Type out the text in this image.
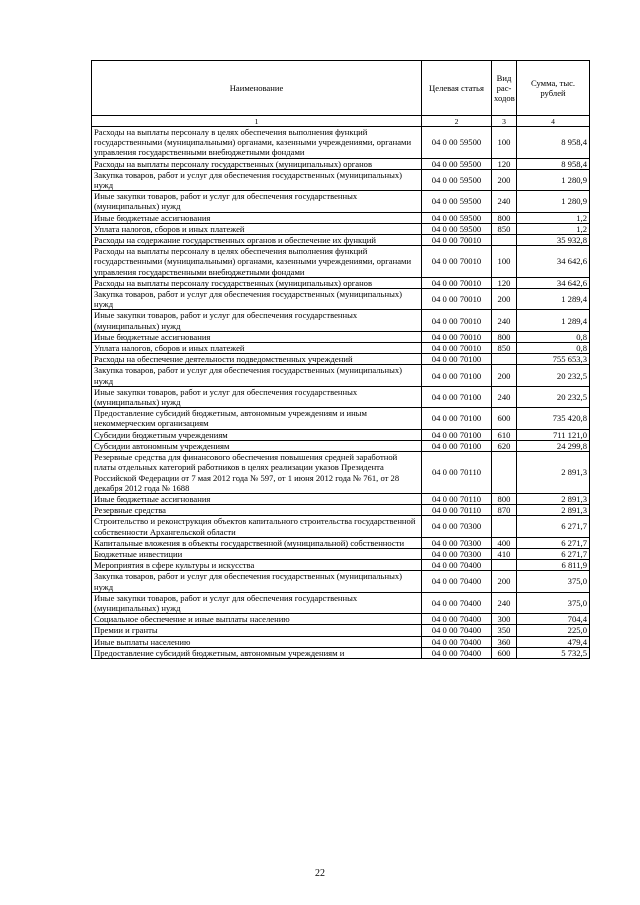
Наименование	Целевая статья	Вид рас-ходов	Сумма, тыс. рублей
1	2	3	4
Расходы на выплаты персоналу в целях обеспечения выполнения функций государственными (муниципальными) органами, казенными учреждениями, органами управления государственными внебюджетными фондами	04 0 00 59500	100	8 958,4
Расходы на выплаты персоналу государственных (муниципальных) органов	04 0 00 59500	120	8 958,4
Закупка товаров, работ и услуг для обеспечения государственных (муниципальных) нужд	04 0 00 59500	200	1 280,9
Иные закупки товаров, работ и услуг для обеспечения государственных (муниципальных) нужд	04 0 00 59500	240	1 280,9
Иные бюджетные ассигнования	04 0 00 59500	800	1,2
Уплата налогов, сборов и иных платежей	04 0 00 59500	850	1,2
Расходы на содержание государственных органов и обеспечение их функций	04 0 00 70010		35 932,8
Расходы на выплаты персоналу в целях обеспечения выполнения функций государственными (муниципальными) органами, казенными учреждениями, органами управления государственными внебюджетными фондами	04 0 00 70010	100	34 642,6
Расходы на выплаты персоналу государственных (муниципальных) органов	04 0 00 70010	120	34 642,6
Закупка товаров, работ и услуг для обеспечения государственных (муниципальных) нужд	04 0 00 70010	200	1 289,4
Иные закупки товаров, работ и услуг для обеспечения государственных (муниципальных) нужд	04 0 00 70010	240	1 289,4
Иные бюджетные ассигнования	04 0 00 70010	800	0,8
Уплата налогов, сборов и иных платежей	04 0 00 70010	850	0,8
Расходы на обеспечение деятельности подведомственных учреждений	04 0 00 70100		755 653,3
Закупка товаров, работ и услуг для обеспечения государственных (муниципальных) нужд	04 0 00 70100	200	20 232,5
Иные закупки товаров, работ и услуг для обеспечения государственных (муниципальных) нужд	04 0 00 70100	240	20 232,5
Предоставление субсидий бюджетным, автономным учреждениям и иным некоммерческим организациям	04 0 00 70100	600	735 420,8
Субсидии бюджетным учреждениям	04 0 00 70100	610	711 121,0
Субсидии автономным учреждениям	04 0 00 70100	620	24 299,8
Резервные средства для финансового обеспечения повышения средней заработной платы отдельных категорий работников в целях реализации указов Президента Российской Федерации от 7 мая 2012 года № 597, от 1 июня 2012 года № 761, от 28 декабря 2012 года № 1688	04 0 00 70110		2 891,3
Иные бюджетные ассигнования	04 0 00 70110	800	2 891,3
Резервные средства	04 0 00 70110	870	2 891,3
Строительство и реконструкция объектов капитального строительства государственной собственности Архангельской области	04 0 00 70300		6 271,7
Капитальные вложения в объекты государственной (муниципальной) собственности	04 0 00 70300	400	6 271,7
Бюджетные инвестиции	04 0 00 70300	410	6 271,7
Мероприятия в сфере культуры и искусства	04 0 00 70400		6 811,9
Закупка товаров, работ и услуг для обеспечения государственных (муниципальных) нужд	04 0 00 70400	200	375,0
Иные закупки товаров, работ и услуг для обеспечения государственных (муниципальных) нужд	04 0 00 70400	240	375,0
Социальное обеспечение и иные выплаты населению	04 0 00 70400	300	704,4
Премии и гранты	04 0 00 70400	350	225,0
Иные выплаты населению	04 0 00 70400	360	479,4
Предоставление субсидий бюджетным, автономным учреждениям и	04 0 00 70400	600	5 732,5
22
